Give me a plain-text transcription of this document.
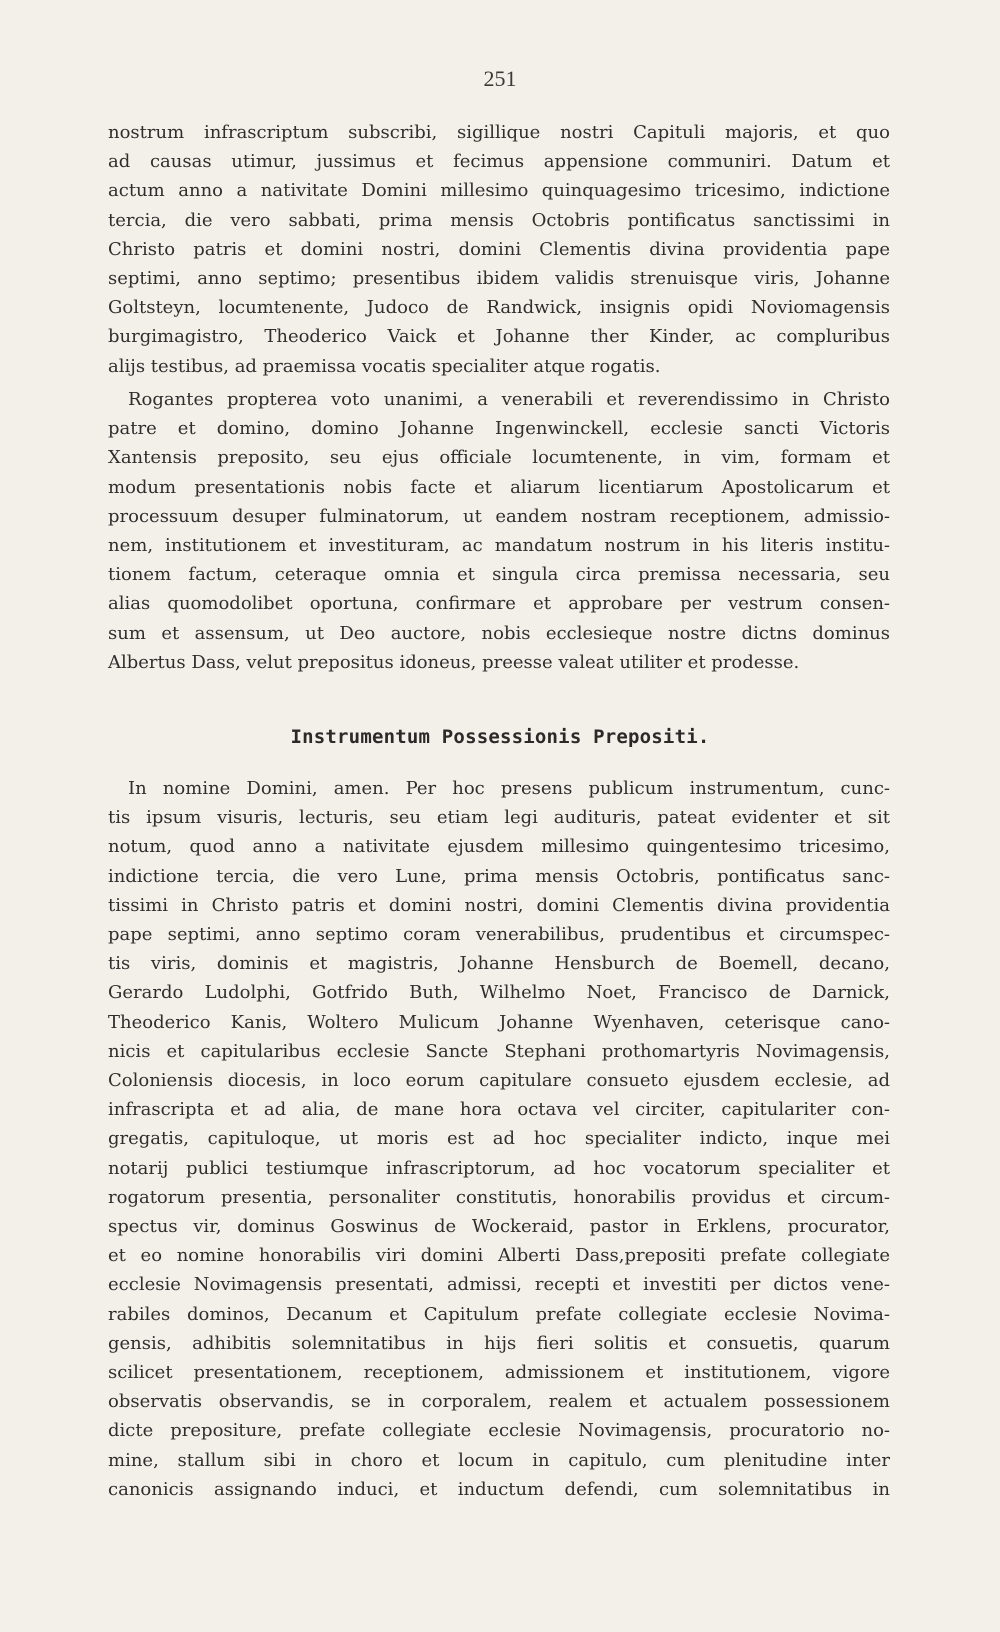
251
nostrum infrascriptum subscribi, sigillique nostri Capituli majoris, et quo
ad causas utimur, jussimus et fecimus appensione communiri. Datum et
actum anno a nativitate Domini millesimo quinquagesimo tricesimo, indictione
tercia, die vero sabbati, prima mensis Octobris pontificatus sanctissimi in
Christo patris et domini nostri, domini Clementis divina providentia pape
septimi, anno septimo; presentibus ibidem validis strenuisque viris, Johanne
Goltsteyn, locumtenente, Judoco de Randwick, insignis opidi Noviomagensis
burgimagistro, Theoderico Vaick et Johanne ther Kinder, ac compluribus
alijs testibus, ad praemissa vocatis specialiter atque rogatis.
Rogantes propterea voto unanimi, a venerabili et reverendissimo in Christo
patre et domino, domino Johanne Ingenwinckell, ecclesie sancti Victoris
Xantensis preposito, seu ejus officiale locumtenente, in vim, formam et
modum presentationis nobis facte et aliarum licentiarum Apostolicarum et
processuum desuper fulminatorum, ut eandem nostram receptionem, admissio-
nem, institutionem et investituram, ac mandatum nostrum in his literis institu-
tionem factum, ceteraque omnia et singula circa premissa necessaria, seu
alias quomodolibet oportuna, confirmare et approbare per vestrum consen-
sum et assensum, ut Deo auctore, nobis ecclesieque nostre dictns dominus
Albertus Dass, velut prepositus idoneus, preesse valeat utiliter et prodesse.
Instrumentum Possessionis Prepositi.
In nomine Domini, amen. Per hoc presens publicum instrumentum, cunc-
tis ipsum visuris, lecturis, seu etiam legi audituris, pateat evidenter et sit
notum, quod anno a nativitate ejusdem millesimo quingentesimo tricesimo,
indictione tercia, die vero Lune, prima mensis Octobris, pontificatus sanc-
tissimi in Christo patris et domini nostri, domini Clementis divina providentia
pape septimi, anno septimo coram venerabilibus, prudentibus et circumspec-
tis viris, dominis et magistris, Johanne Hensburch de Boemell, decano,
Gerardo Ludolphi, Gotfrido Buth, Wilhelmo Noet, Francisco de Darnick,
Theoderico Kanis, Woltero Mulicum Johanne Wyenhaven, ceterisque cano-
nicis et capitularibus ecclesie Sancte Stephani prothomartyris Novimagensis,
Coloniensis diocesis, in loco eorum capitulare consueto ejusdem ecclesie, ad
infrascripta et ad alia, de mane hora octava vel circiter, capitulariter con-
gregatis, capituloque, ut moris est ad hoc specialiter indicto, inque mei
notarij publici testiumque infrascriptorum, ad hoc vocatorum specialiter et
rogatorum presentia, personaliter constitutis, honorabilis providus et circum-
spectus vir, dominus Goswinus de Wockeraid, pastor in Erklens, procurator,
et eo nomine honorabilis viri domini Alberti Dass,prepositi prefate collegiate
ecclesie Novimagensis presentati, admissi, recepti et investiti per dictos vene-
rabiles dominos, Decanum et Capitulum prefate collegiate ecclesie Novima-
gensis, adhibitis solemnitatibus in hijs fieri solitis et consuetis, quarum
scilicet presentationem, receptionem, admissionem et institutionem, vigore
observatis observandis, se in corporalem, realem et actualem possessionem
dicte prepositure, prefate collegiate ecclesie Novimagensis, procuratorio no-
mine, stallum sibi in choro et locum in capitulo, cum plenitudine inter
canonicis assignando induci, et inductum defendi, cum solemnitatibus in
